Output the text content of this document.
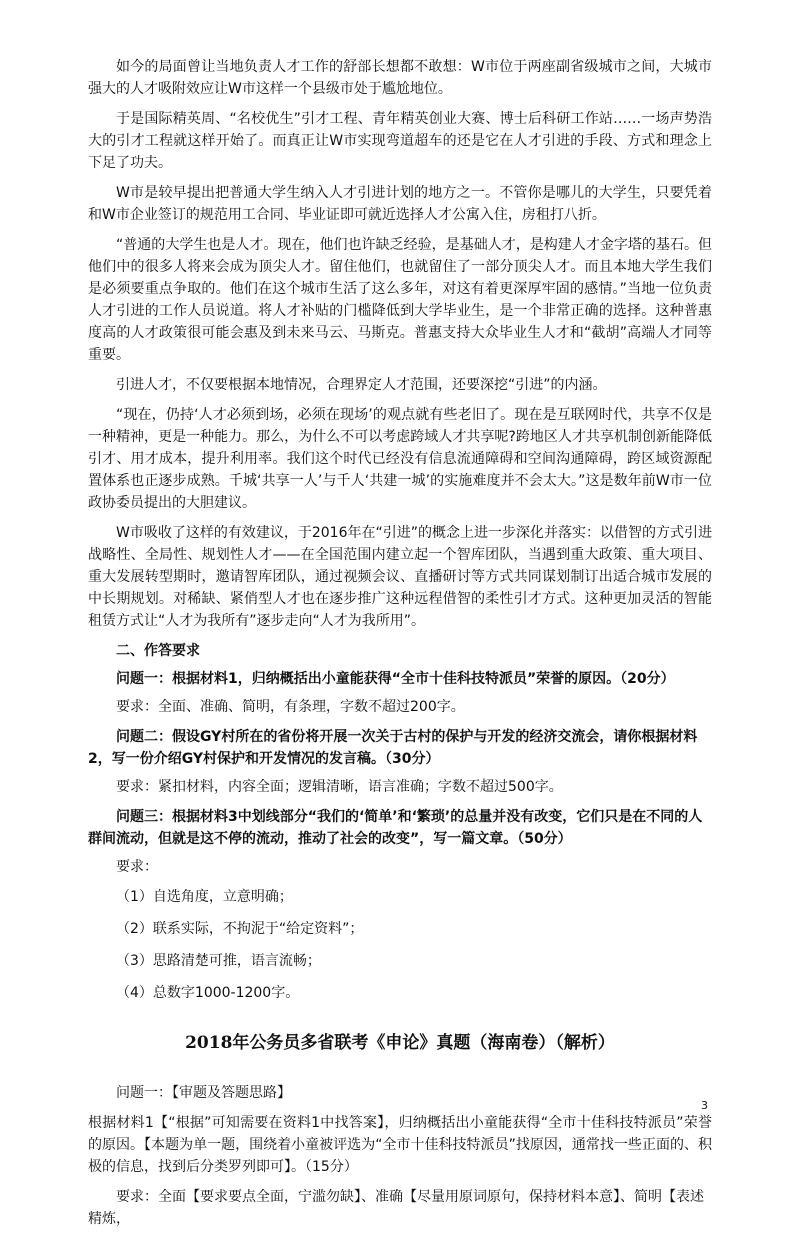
如今的局面曾让当地负责人才工作的舒部长想都不敢想：W市位于两座副省级城市之间，大城市强大的人才吸附效应让W市这样一个县级市处于尴尬地位。

于是国际精英周、“名校优生”引才工程、青年精英创业大赛、博士后科研工作站……一场声势浩大的引才工程就这样开始了。而真正让W市实现弯道超车的还是它在人才引进的手段、方式和理念上下足了功夫。

W市是较早提出把普通大学生纳入人才引进计划的地方之一。不管你是哪儿的大学生，只要凭着和W市企业签订的规范用工合同、毕业证即可就近选择人才公寓入住，房租打八折。

“普通的大学生也是人才。现在，他们也许缺乏经验，是基础人才，是构建人才金字塔的基石。但他们中的很多人将来会成为顶尖人才。留住他们，也就留住了一部分顶尖人才。而且本地大学生我们是必须要重点争取的。他们在这个城市生活了这么多年，对这有着更深厚牢固的感情。”当地一位负责人才引进的工作人员说道。将人才补贴的门槛降低到大学毕业生，是一个非常正确的选择。这种普惠度高的人才政策很可能会惠及到未来马云、马斯克。普惠支持大众毕业生人才和“截胡”高端人才同等重要。

引进人才，不仅要根据本地情况，合理界定人才范围，还要深挖“引进”的内涵。

“现在，仍持‘人才必须到场，必须在现场’的观点就有些老旧了。现在是互联网时代，共享不仅是一种精神，更是一种能力。那么，为什么不可以考虑跨域人才共享呢?跨地区人才共享机制创新能降低引才、用才成本，提升利用率。我们这个时代已经没有信息流通障碍和空间沟通障碍，跨区域资源配置体系也正逐步成熟。千城‘共享一人’与千人‘共建一城’的实施难度并不会太大。”这是数年前W市一位政协委员提出的大胆建议。

W市吸收了这样的有效建议，于2016年在“引进”的概念上进一步深化并落实：以借智的方式引进战略性、全局性、规划性人才——在全国范围内建立起一个智库团队，当遇到重大政策、重大项目、重大发展转型期时，邀请智库团队，通过视频会议、直播研讨等方式共同谋划制订出适合城市发展的中长期规划。对稀缺、紧俏型人才也在逐步推广这种远程借智的柔性引才方式。这种更加灵活的智能租赁方式让“人才为我所有”逐步走向“人才为我所用”。

二、作答要求

问题一：根据材料1，归纳概括出小童能获得“全市十佳科技特派员”荣誉的原因。（20分）

要求：全面、准确、简明，有条理，字数不超过200字。

问题二：假设GY村所在的省份将开展一次关于古村的保护与开发的经济交流会，请你根据材料2，写一份介绍GY村保护和开发情况的发言稿。（30分）

要求：紧扣材料，内容全面；逻辑清晰，语言准确；字数不超过500字。

问题三：根据材料3中划线部分“我们的‘简单’和‘繁琐’的总量并没有改变，它们只是在不同的人群间流动，但就是这不停的流动，推动了社会的改变”，写一篇文章。（50分）

要求：

（1）自选角度，立意明确；

（2）联系实际，不拘泥于“给定资料”；

（3）思路清楚可推，语言流畅；

（4）总数字1000-1200字。

2018年公务员多省联考《申论》真题（海南卷）（解析）

问题一：【审题及答题思路】

根据材料1【“根据”可知需要在资料1中找答案】，归纳概括出小童能获得“全市十佳科技特派员”荣誉的原因。【本题为单一题，围绕着小童被评选为“全市十佳科技特派员”找原因，通常找一些正面的、积极的信息，找到后分类罗列即可】。（15分）

要求：全面【要求要点全面，宁滥勿缺】、准确【尽量用原词原句，保持材料本意】、简明【表述精炼，

3
